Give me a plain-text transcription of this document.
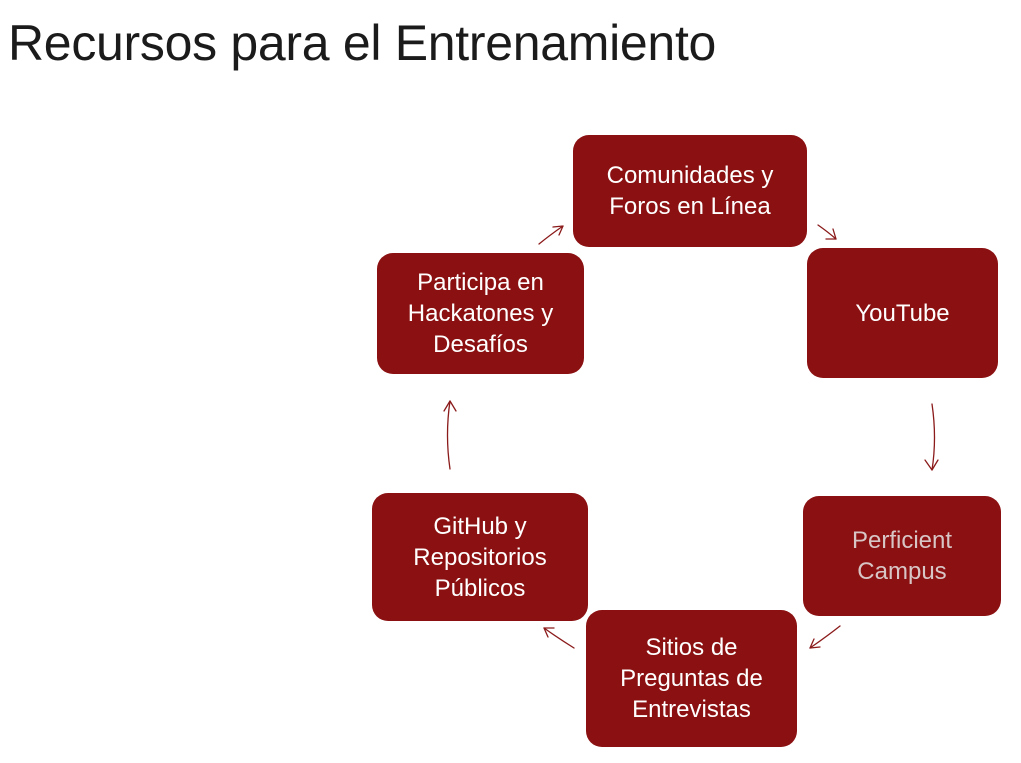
Recursos para el Entrenamiento
Comunidades y
Foros en Línea
YouTube
Perficient
Campus
Sitios de
Preguntas de
Entrevistas
GitHub y
Repositorios
Públicos
Participa en
Hackatones y
Desafíos
